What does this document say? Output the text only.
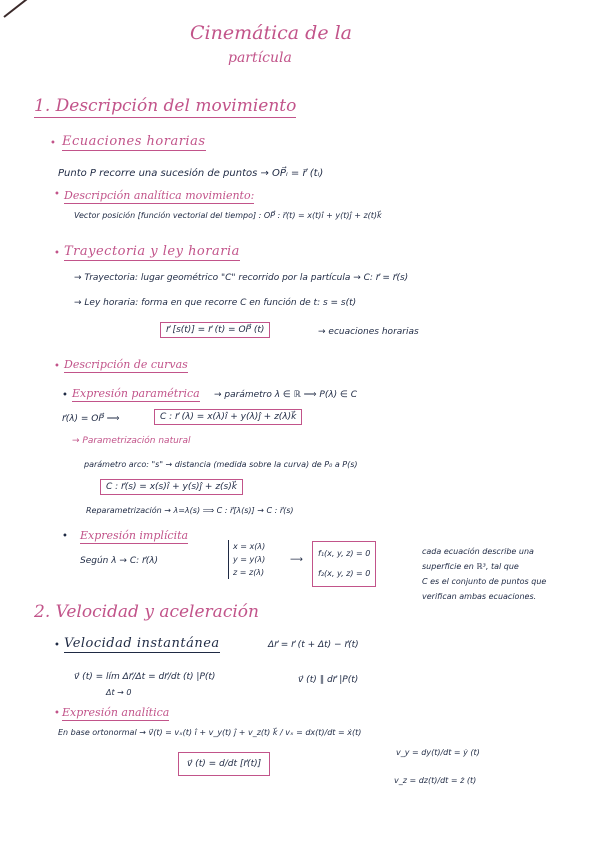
Cinemática de la
partícula
1. Descripción del movimiento
• Ecuaciones horarias
Punto P recorre una sucesión de puntos → OP⃗ᵢ = r⃗ (tᵢ)
• Descripción analítica movimiento:
Vector posición [función vectorial del tiempo] : OP⃗ : r⃗(t) = x(t)î + y(t)ĵ + z(t)k⃗
• Trayectoria y ley horaria
→ Trayectoria: lugar geométrico "C" recorrido por la partícula → C: r⃗ = r⃗(s)
→ Ley horaria: forma en que recorre C en función de t: s = s(t)
r⃗ [s(t)] = r⃗ (t) = OP⃗ (t)	→ ecuaciones horarias
• Descripción de curvas
• Expresión paramétrica → parámetro λ ∈ ℝ ⟹ P(λ) ∈ C
r⃗(λ) = OP⃗ ⟹	C : r⃗ (λ) = x(λ)î + y(λ)ĵ + z(λ)k⃗
→ Parametrización natural
parámetro arco: "s" → distancia (medida sobre la curva) de P₀ a P(s)
C : r⃗(s) = x(s)î + y(s)ĵ + z(s)k⃗
Reparametrización → λ=λ(s) ⟹ C : r⃗[λ(s)] → C : r⃗(s)
• Expresión implícita
Según λ → C: r⃗(λ)
x = x(λ)
y = y(λ)
z = z(λ)
⟶
f₁(x, y, z) = 0
f₂(x, y, z) = 0
cada ecuación describe una
superficie en ℝ³, tal que
C es el conjunto de puntos que
verifican ambas ecuaciones.
2. Velocidad y aceleración
• Velocidad instantánea	Δr⃗ = r⃗ (t + Δt) − r⃗(t)
v⃗ (t) = lím Δr⃗/Δt = dr⃗/dt (t) |P(t)
Δt → 0
v⃗ (t) ∥ dr⃗ |P(t)
• Expresión analítica
En base ortonormal → v⃗(t) = vₓ(t) î + v_y(t) ĵ + v_z(t) k⃗ / vₓ = dx(t)/dt = ẋ(t)
v⃗ (t) = d/dt [r⃗(t)]
v_y = dy(t)/dt = ẏ (t)
v_z = dz(t)/dt = ż (t)
